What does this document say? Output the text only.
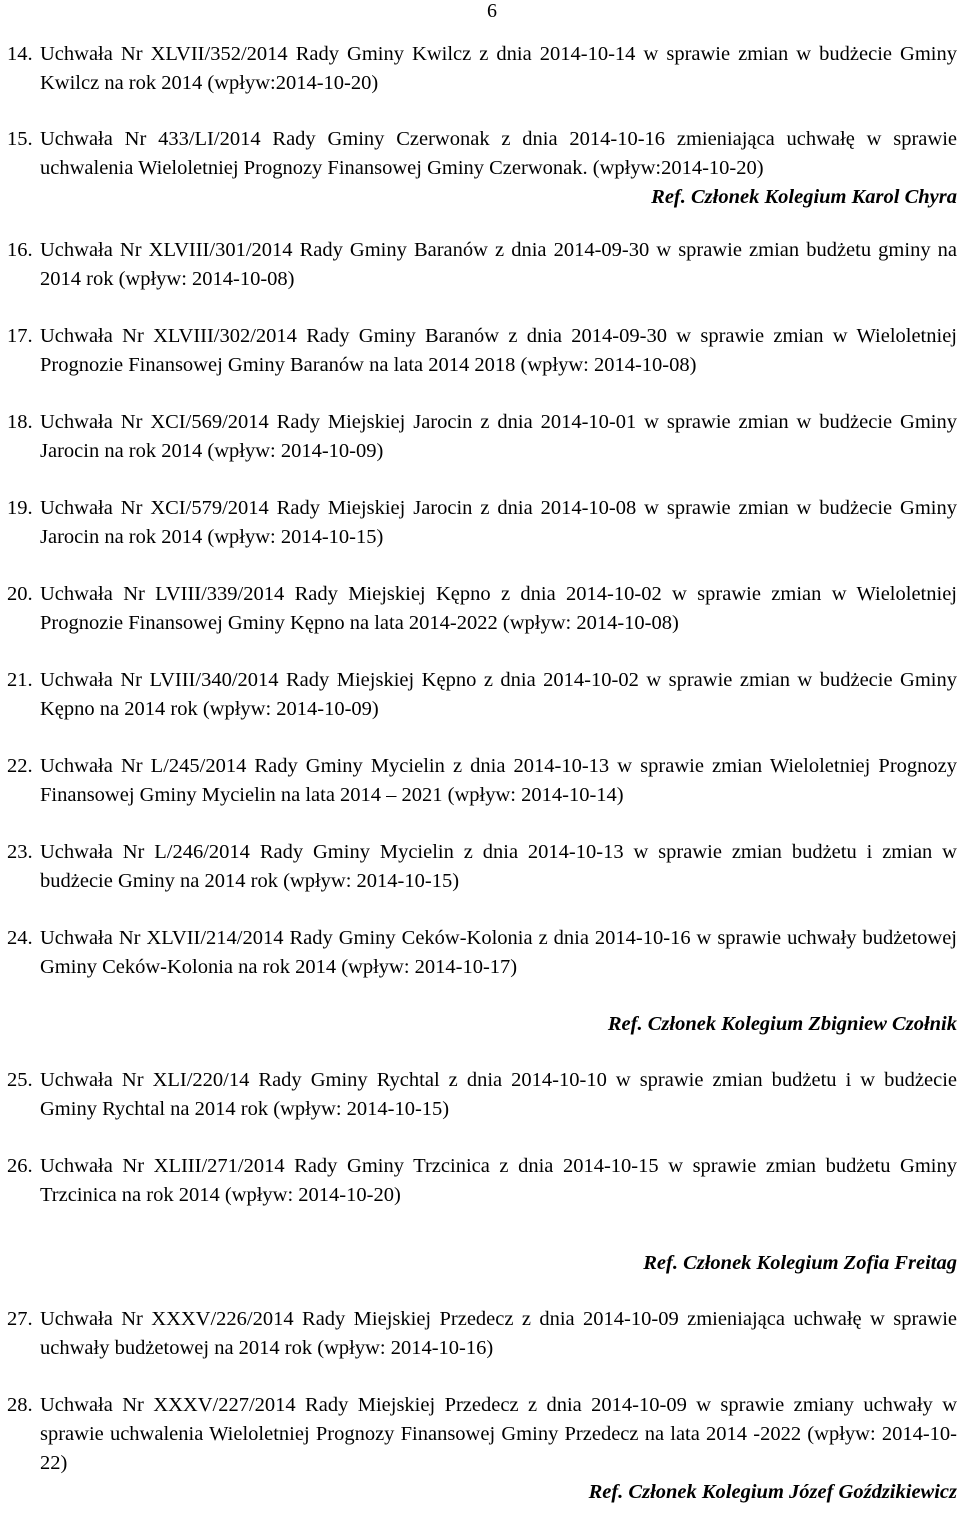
6
14. Uchwała Nr XLVII/352/2014 Rady Gminy Kwilcz z dnia 2014-10-14 w sprawie zmian w budżecie Gminy Kwilcz na rok 2014 (wpływ:2014-10-20)
15. Uchwała Nr 433/LI/2014 Rady Gminy Czerwonak z dnia 2014-10-16 zmieniająca uchwałę w sprawie uchwalenia Wieloletniej Prognozy Finansowej Gminy Czerwonak. (wpływ:2014-10-20)
Ref. Członek Kolegium Karol Chyra
16. Uchwała Nr XLVIII/301/2014 Rady Gminy Baranów z dnia 2014-09-30 w sprawie zmian budżetu gminy na 2014 rok (wpływ: 2014-10-08)
17. Uchwała Nr XLVIII/302/2014 Rady Gminy Baranów z dnia 2014-09-30 w sprawie zmian w Wieloletniej Prognozie Finansowej Gminy Baranów na lata 2014 2018 (wpływ: 2014-10-08)
18. Uchwała Nr XCI/569/2014 Rady Miejskiej Jarocin z dnia 2014-10-01 w sprawie zmian w budżecie Gminy Jarocin na rok 2014 (wpływ: 2014-10-09)
19. Uchwała Nr XCI/579/2014 Rady Miejskiej Jarocin z dnia 2014-10-08 w sprawie zmian w budżecie Gminy Jarocin na rok 2014 (wpływ: 2014-10-15)
20. Uchwała Nr LVIII/339/2014 Rady Miejskiej Kępno z dnia 2014-10-02 w sprawie zmian w Wieloletniej Prognozie Finansowej Gminy Kępno na lata 2014-2022 (wpływ: 2014-10-08)
21. Uchwała Nr LVIII/340/2014 Rady Miejskiej Kępno z dnia 2014-10-02 w sprawie zmian w budżecie Gminy Kępno na 2014 rok (wpływ: 2014-10-09)
22. Uchwała Nr L/245/2014 Rady Gminy Mycielin z dnia 2014-10-13 w sprawie zmian Wieloletniej Prognozy Finansowej Gminy Mycielin na lata 2014 – 2021 (wpływ: 2014-10-14)
23. Uchwała Nr L/246/2014 Rady Gminy Mycielin z dnia 2014-10-13 w sprawie zmian budżetu i zmian w budżecie Gminy na 2014 rok (wpływ: 2014-10-15)
24. Uchwała Nr XLVII/214/2014 Rady Gminy Ceków-Kolonia z dnia 2014-10-16 w sprawie uchwały budżetowej Gminy Ceków-Kolonia na rok 2014 (wpływ: 2014-10-17)
Ref. Członek Kolegium Zbigniew Czołnik
25. Uchwała Nr XLI/220/14 Rady Gminy Rychtal z dnia 2014-10-10 w sprawie zmian budżetu i w budżecie Gminy Rychtal na 2014 rok (wpływ: 2014-10-15)
26. Uchwała Nr XLIII/271/2014 Rady Gminy Trzcinica z dnia 2014-10-15 w sprawie zmian budżetu Gminy Trzcinica na rok 2014 (wpływ: 2014-10-20)
Ref. Członek Kolegium Zofia Freitag
27. Uchwała Nr XXXV/226/2014 Rady Miejskiej Przedecz z dnia 2014-10-09 zmieniająca uchwałę w sprawie uchwały budżetowej na 2014 rok (wpływ: 2014-10-16)
28. Uchwała Nr XXXV/227/2014 Rady Miejskiej Przedecz z dnia 2014-10-09 w sprawie zmiany uchwały w sprawie uchwalenia Wieloletniej Prognozy Finansowej Gminy Przedecz na lata 2014 -2022 (wpływ: 2014-10-22)
Ref. Członek Kolegium Józef Goździkiewicz
